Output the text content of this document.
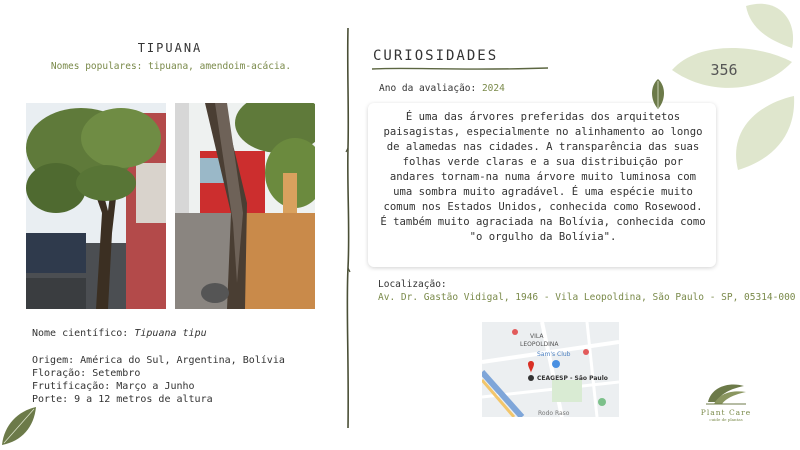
TIPUANA
Nomes populares: tipuana, amendoim-acácia.
Nome científico: Tipuana tipu
Origem: América do Sul, Argentina, Bolívia
Floração: Setembro
Frutificação: Março a Junho
Porte: 9 a 12 metros de altura
CURIOSIDADES
Ano da avaliação: 2024
É uma das árvores preferidas dos arquitetos paisagistas, especialmente no alinhamento ao longo de alamedas nas cidades. A transparência das suas folhas verde claras e a sua distribuição por andares tornam-na numa árvore muito luminosa com uma sombra muito agradável. É uma espécie muito comum nos Estados Unidos, conhecida como Rosewood. É também muito agraciada na Bolívia, conhecida como "o orgulho da Bolívia".
Localização:
Av. Dr. Gastão Vidigal, 1946 - Vila Leopoldina, São Paulo - SP, 05314-000
VILA
LEOPOLDINA
Sam's Club
CEAGESP - São Paulo
Rodo Raso
356
Plant Care
cuide de plantas
